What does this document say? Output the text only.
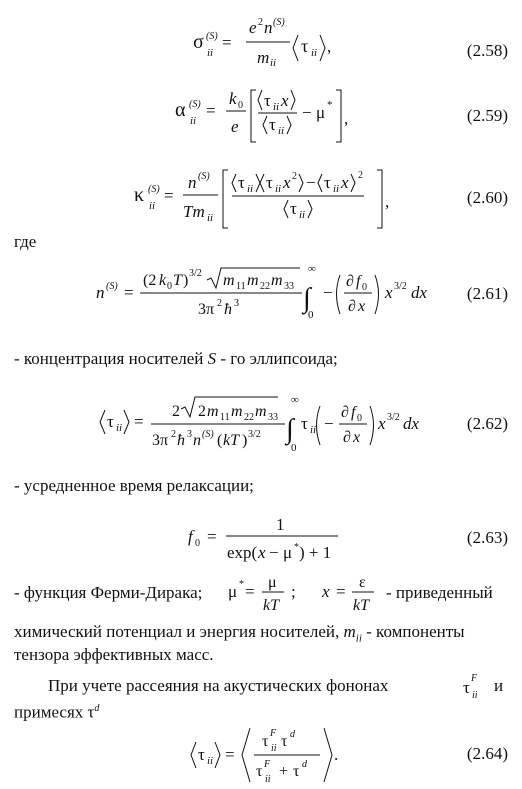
σ (S)
ii
=
e 2 n (S)
m ii
τ ii ,	(2.58)
α (S)
ii
=
k 0
e
τ ii x
τ ii
− μ *
,	(2.59)
κ (S)
ii
=
n (S)
Tm ii
τ ii τ ii x 2 − τ ii x 2
τ ii
,	(2.60)
где
n (S) =
(2 k 0 T ) 3/2 m 11 m 22 m 33
3π 2 ħ 3 ∫
∞
0
−
∂ f 0
∂ x
x 3/2 dx (2.61)
- концентрация носителей S - го эллипсоида;
τ ii =
2 2 m 11 m 22 m 33
3π 2 ħ 3 n (S) ( kT ) 3/2 ∫
∞
0
τ ii −
∂ f 0
∂ x
x 3/2 dx	(2.62)
- усредненное время релаксации;
f 0 =
1
exp( x − μ * ) + 1
(2.63)
- функция Ферми-Дирака; μ * = μ
kT
; x = ε
kT
- приведенный
химический потенциал и энергия носителей, $m_{ii}$ - компоненты
тензора эффективных масс.
При учете рассеяния на акустических фононах	τ F
ii
и
примесях $\tau^d$
τ ii =
τ F
ii τ d
τ F
ii + τ d
.	(2.64)
